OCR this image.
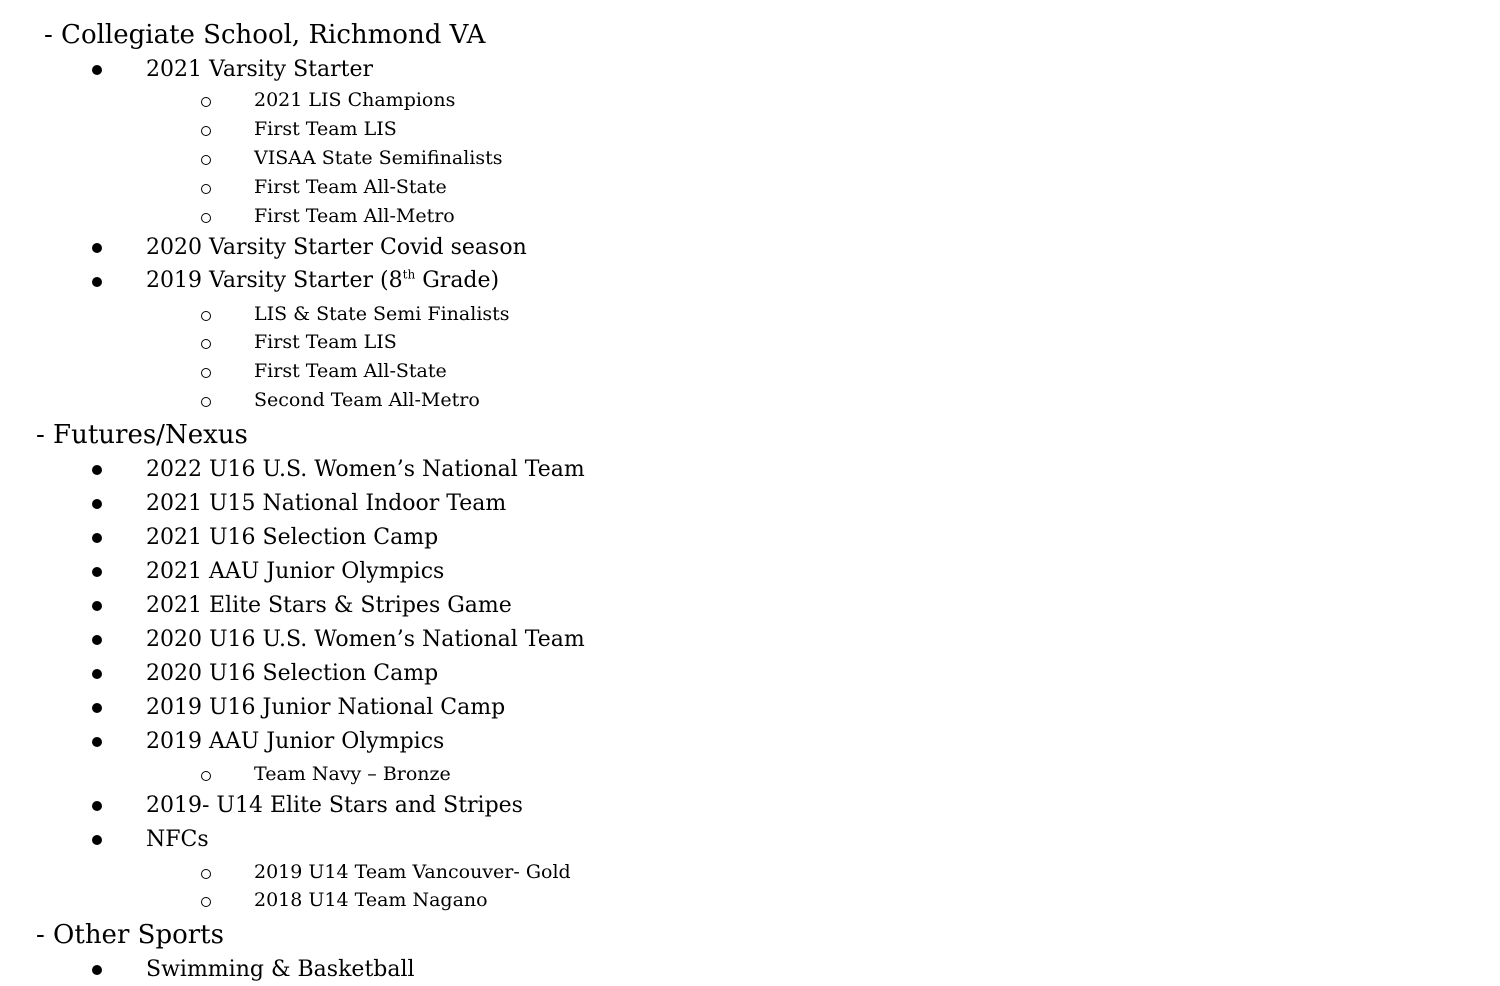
- Collegiate School, Richmond VA
2021 Varsity Starter
2021 LIS Champions
First Team LIS
VISAA State Semifinalists
First Team All-State
First Team All-Metro
2020 Varsity Starter Covid season
2019 Varsity Starter (8th Grade)
LIS & State Semi Finalists
First Team LIS
First Team All-State
Second Team All-Metro
- Futures/Nexus
2022 U16 U.S. Women’s National Team
2021 U15 National Indoor Team
2021 U16 Selection Camp
2021 AAU Junior Olympics
2021 Elite Stars & Stripes Game
2020 U16 U.S. Women’s National Team
2020 U16 Selection Camp
2019 U16 Junior National Camp
2019 AAU Junior Olympics
Team Navy – Bronze
2019- U14 Elite Stars and Stripes
NFCs
2019 U14 Team Vancouver- Gold
2018 U14 Team Nagano
- Other Sports
Swimming & Basketball
